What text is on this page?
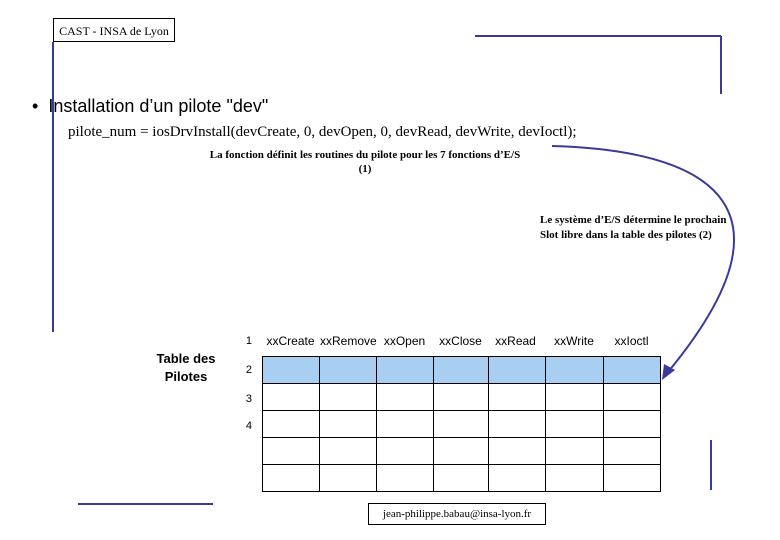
CAST - INSA de Lyon
• Installation d’un pilote "dev"
pilote_num = iosDrvInstall(devCreate, 0, devOpen, 0, devRead, devWrite, devIoctl);
La fonction définit les routines du pilote pour les 7 fonctions d’E/S
(1)
Le système d’E/S détermine le prochain
Slot libre dans la table des pilotes (2)
Table des
Pilotes
1
2
3
4
xxCreate xxRemove xxOpen	xxClose	xxRead	xxWrite	xxIoctl

jean-philippe.babau@insa-lyon.fr
